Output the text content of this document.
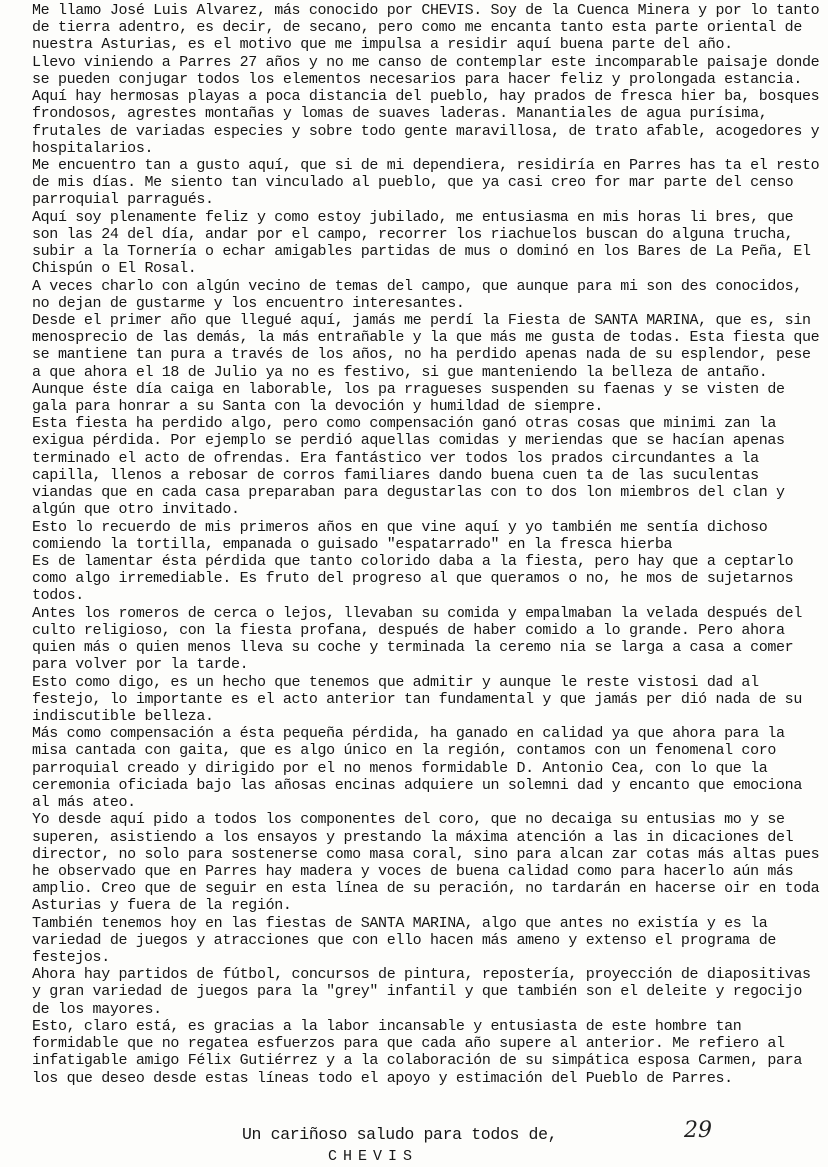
Me llamo José Luis Alvarez, más conocido por CHEVIS. Soy de la Cuenca Minera y por lo tanto de tierra adentro, es decir, de secano, pero como me encanta tanto esta parte oriental de nuestra Asturias, es el motivo que me impulsa a residir aquí buena parte del año.

Llevo viniendo a Parres 27 años y no me canso de contemplar este incomparable paisaje donde se pueden conjugar todos los elementos necesarios para hacer feliz y prolongada estancia.

Aquí hay hermosas playas a poca distancia del pueblo, hay prados de fresca hier ba, bosques frondosos, agrestes montañas y lomas de suaves laderas. Manantiales de agua purísima, frutales de variadas especies y sobre todo gente maravillosa, de trato afable, acogedores y hospitalarios.

Me encuentro tan a gusto aquí, que si de mi dependiera, residiría en Parres has ta el resto de mis días. Me siento tan vinculado al pueblo, que ya casi creo for mar parte del censo parroquial parragués.

Aquí soy plenamente feliz y como estoy jubilado, me entusiasma en mis horas li bres, que son las 24 del día, andar por el campo, recorrer los riachuelos buscan do alguna trucha, subir a la Tornería o echar amigables partidas de mus o dominó en los Bares de La Peña, El Chispún o El Rosal.

A veces charlo con algún vecino de temas del campo, que aunque para mi son des conocidos, no dejan de gustarme y los encuentro interesantes.

Desde el primer año que llegué aquí, jamás me perdí la Fiesta de SANTA MARINA, que es, sin menosprecio de las demás, la más entrañable y la que más me gusta de todas. Esta fiesta que se mantiene tan pura a través de los años, no ha perdido apenas nada de su esplendor, pese a que ahora el 18 de Julio ya no es festivo, si gue manteniendo la belleza de antaño. Aunque éste día caiga en laborable, los pa rragueses suspenden su faenas y se visten de gala para honrar a su Santa con la devoción y humildad de siempre.

Esta fiesta ha perdido algo, pero como compensación ganó otras cosas que minimi zan la exigua pérdida. Por ejemplo se perdió aquellas comidas y meriendas que se hacían apenas terminado el acto de ofrendas. Era fantástico ver todos los prados circundantes a la capilla, llenos a rebosar de corros familiares dando buena cuen ta de las suculentas viandas que en cada casa preparaban para degustarlas con to dos lon miembros del clan y algún que otro invitado.

Esto lo recuerdo de mis primeros años en que vine aquí y yo también me sentía dichoso comiendo la tortilla, empanada o guisado "espatarrado" en la fresca hierba

Es de lamentar ésta pérdida que tanto colorido daba a la fiesta, pero hay que a ceptarlo como algo irremediable. Es fruto del progreso al que queramos o no, he mos de sujetarnos todos.

Antes los romeros de cerca o lejos, llevaban su comida y empalmaban la velada después del culto religioso, con la fiesta profana, después de haber comido a lo grande. Pero ahora quien más o quien menos lleva su coche y terminada la ceremo nia se larga a casa a comer para volver por la tarde.

Esto como digo, es un hecho que tenemos que admitir y aunque le reste vistosi dad al festejo, lo importante es el acto anterior tan fundamental y que jamás per dió nada de su indiscutible belleza.

Más como compensación a ésta pequeña pérdida, ha ganado en calidad ya que ahora para la misa cantada con gaita, que es algo único en la región, contamos con un fenomenal coro parroquial creado y dirigido por el no menos formidable D. Antonio Cea, con lo que la ceremonia oficiada bajo las añosas encinas adquiere un solemni dad y encanto que emociona al más ateo.

Yo desde aquí pido a todos los componentes del coro, que no decaiga su entusias mo y se superen, asistiendo a los ensayos y prestando la máxima atención a las in dicaciones del director, no solo para sostenerse como masa coral, sino para alcan zar cotas más altas pues he observado que en Parres hay madera y voces de buena calidad como para hacerlo aún más amplio. Creo que de seguir en esta línea de su peración, no tardarán en hacerse oir en toda Asturias y fuera de la región.

También tenemos hoy en las fiestas de SANTA MARINA, algo que antes no existía y es la variedad de juegos y atracciones que con ello hacen más ameno y extenso el programa de festejos.

Ahora hay partidos de fútbol, concursos de pintura, repostería, proyección de diapositivas y gran variedad de juegos para la "grey" infantil y que también son el deleite y regocijo de los mayores.

Esto, claro está, es gracias a la labor incansable y entusiasta de este hombre tan formidable que no regatea esfuerzos para que cada año supere al anterior. Me refiero al infatigable amigo Félix Gutiérrez y a la colaboración de su simpática esposa Carmen, para los que deseo desde estas líneas todo el apoyo y estimación del Pueblo de Parres.

Un cariñoso saludo para todos de,	29
CHEVIS
